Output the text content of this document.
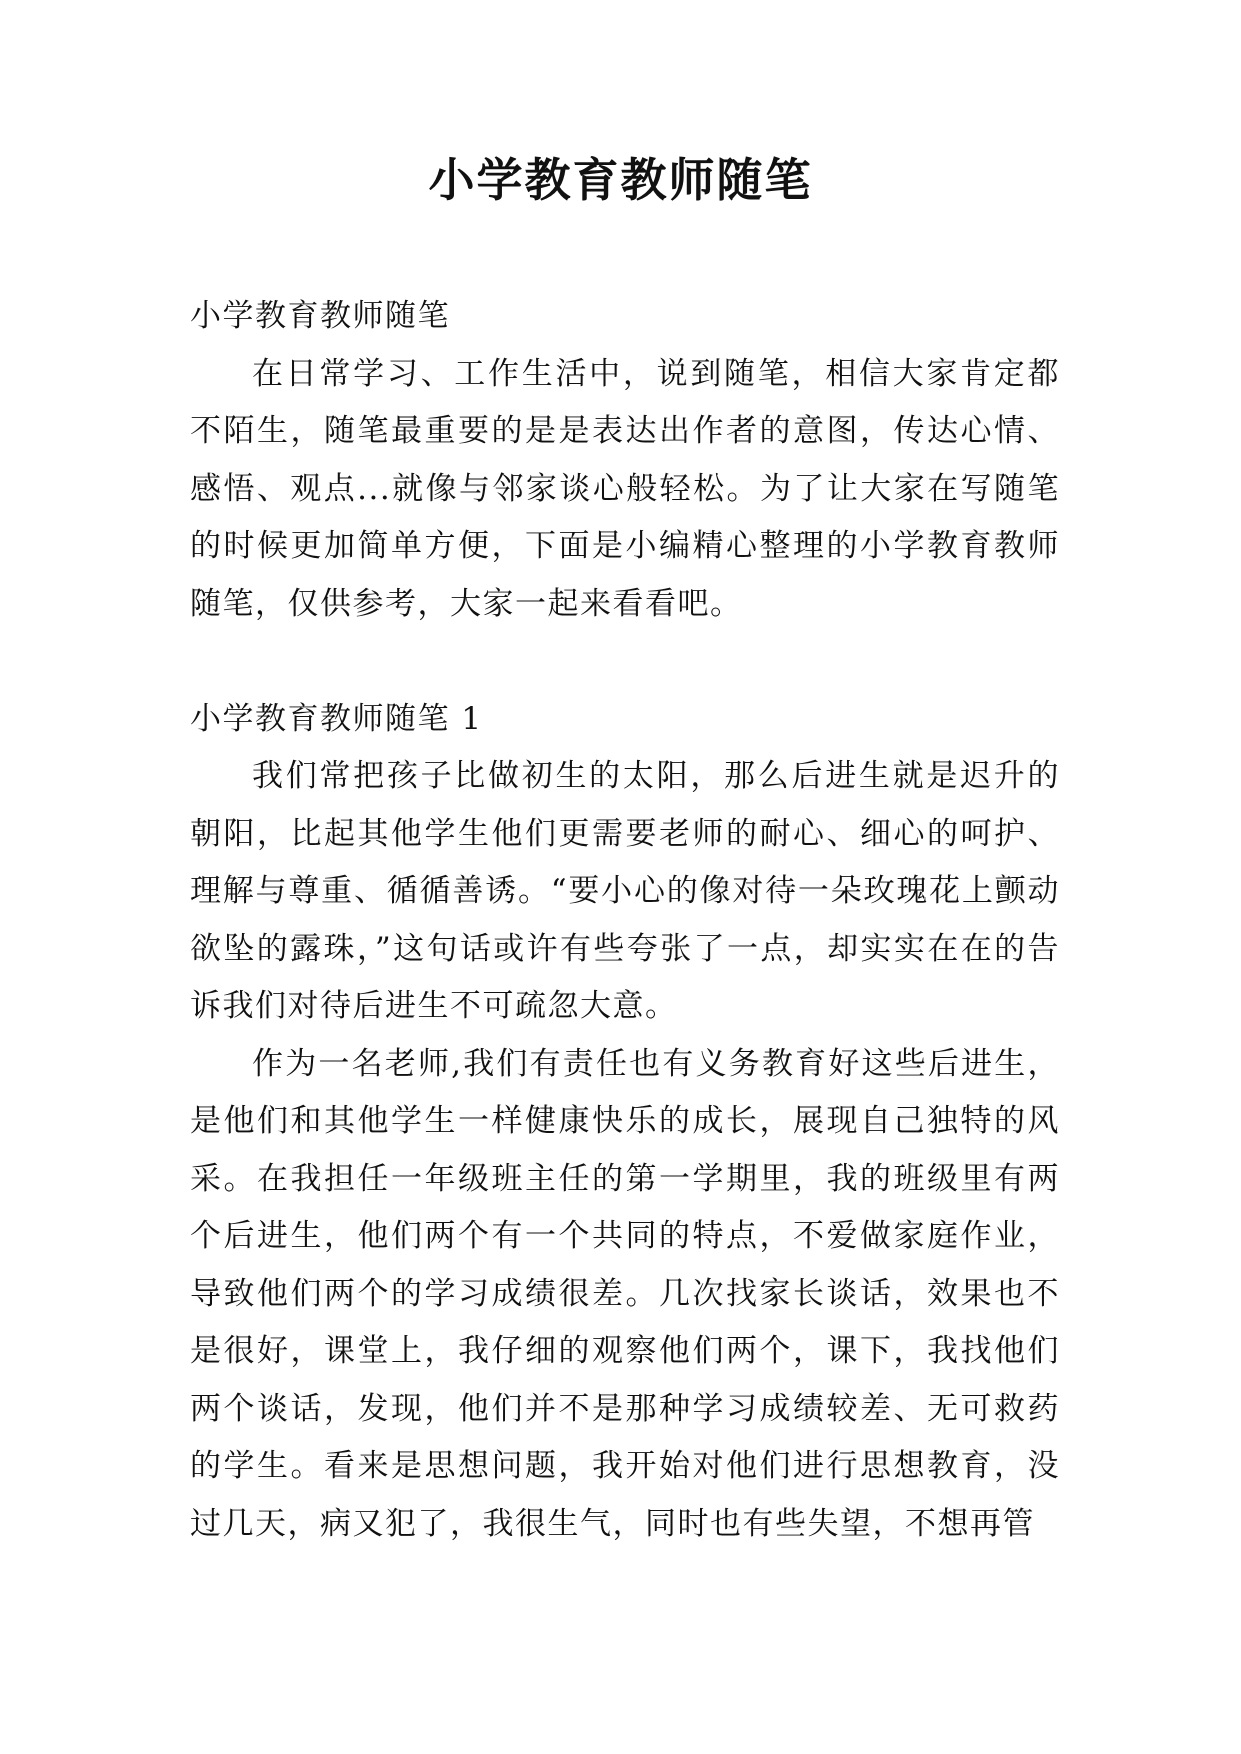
小学教育教师随笔
小学教育教师随笔

在日常学习、工作生活中，说到随笔，相信大家肯定都不陌生，随笔最重要的是是表达出作者的意图，传达心情、感悟、观点...就像与邻家谈心般轻松。为了让大家在写随笔的时候更加简单方便，下面是小编精心整理的小学教育教师随笔，仅供参考，大家一起来看看吧。

小学教育教师随笔 1

我们常把孩子比做初生的太阳，那么后进生就是迟升的朝阳，比起其他学生他们更需要老师的耐心、细心的呵护、理解与尊重、循循善诱。“要小心的像对待一朵玫瑰花上颤动欲坠的露珠，”这句话或许有些夸张了一点，却实实在在的告诉我们对待后进生不可疏忽大意。

作为一名老师,我们有责任也有义务教育好这些后进生，是他们和其他学生一样健康快乐的成长，展现自己独特的风采。在我担任一年级班主任的第一学期里，我的班级里有两个后进生，他们两个有一个共同的特点，不爱做家庭作业，导致他们两个的学习成绩很差。几次找家长谈话，效果也不是很好，课堂上，我仔细的观察他们两个，课下，我找他们两个谈话，发现，他们并不是那种学习成绩较差、无可救药的学生。看来是思想问题，我开始对他们进行思想教育，没过几天，病又犯了，我很生气，同时也有些失望，不想再管
